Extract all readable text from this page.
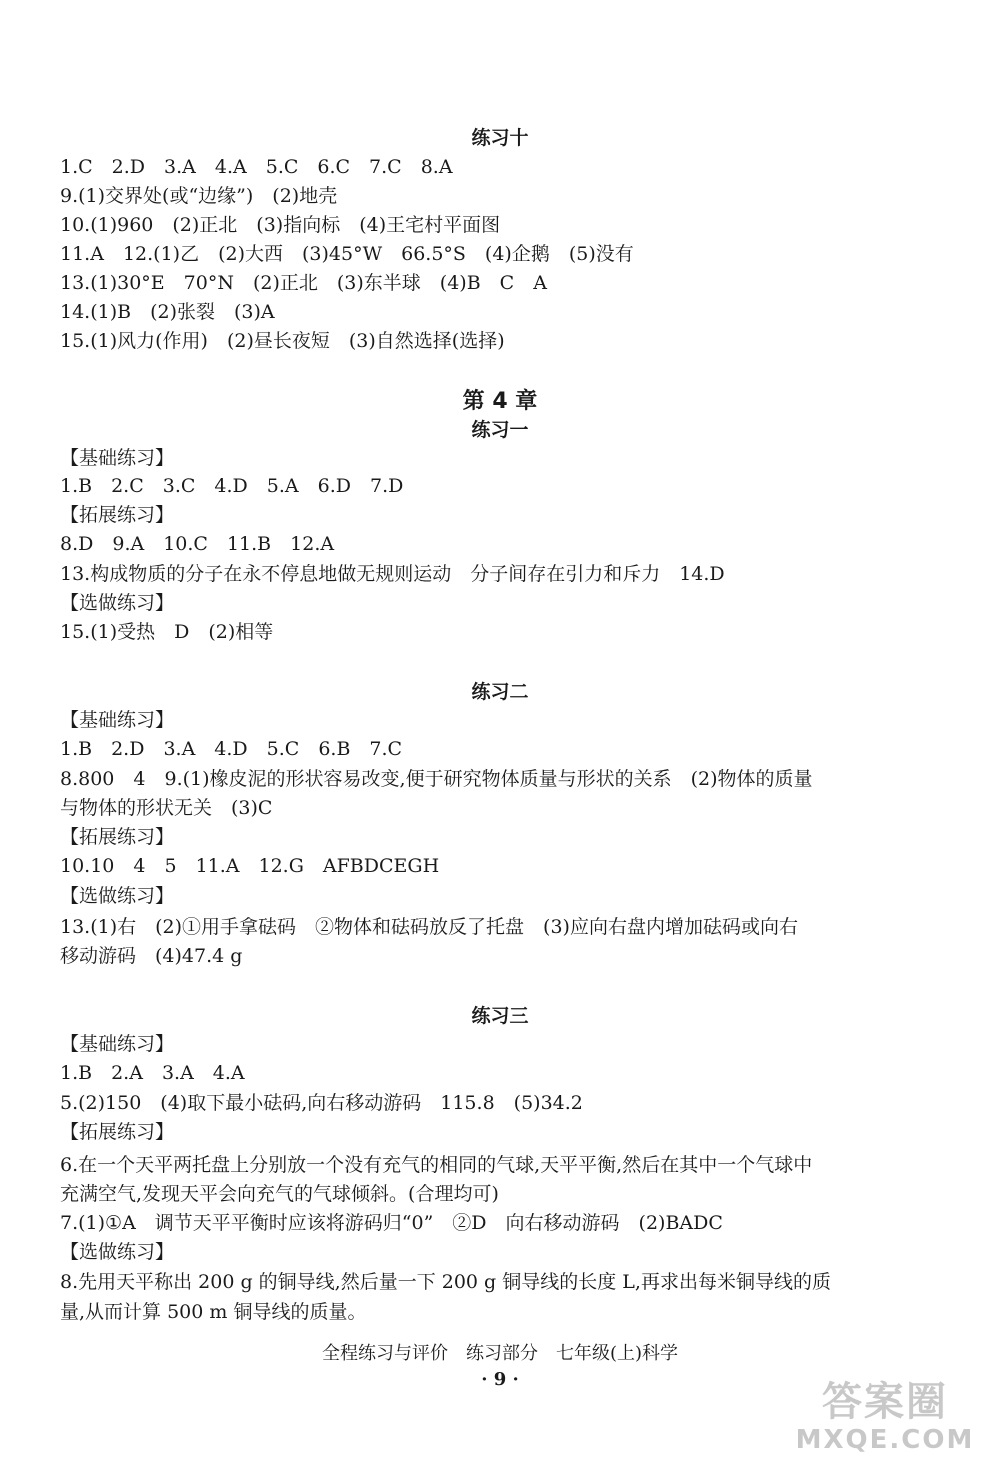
练习十
1.C　2.D　3.A　4.A　5.C　6.C　7.C　8.A
9.(1)交界处(或“边缘”)　(2)地壳
10.(1)960　(2)正北　(3)指向标　(4)王宅村平面图
11.A　12.(1)乙　(2)大西　(3)45°W　66.5°S　(4)企鹅　(5)没有
13.(1)30°E　70°N　(2)正北　(3)东半球　(4)B　C　A
14.(1)B　(2)张裂　(3)A
15.(1)风力(作用)　(2)昼长夜短　(3)自然选择(选择)
第 4 章
练习一
【基础练习】
1.B　2.C　3.C　4.D　5.A　6.D　7.D
【拓展练习】
8.D　9.A　10.C　11.B　12.A
13.构成物质的分子在永不停息地做无规则运动　分子间存在引力和斥力　14.D
【选做练习】
15.(1)受热　D　(2)相等
练习二
【基础练习】
1.B　2.D　3.A　4.D　5.C　6.B　7.C
8.800　4　9.(1)橡皮泥的形状容易改变,便于研究物体质量与形状的关系　(2)物体的质量
与物体的形状无关　(3)C
【拓展练习】
10.10　4　5　11.A　12.G　AFBDCEGH
【选做练习】
13.(1)右　(2)①用手拿砝码　②物体和砝码放反了托盘　(3)应向右盘内增加砝码或向右
移动游码　(4)47.4 g
练习三
【基础练习】
1.B　2.A　3.A　4.A
5.(2)150　(4)取下最小砝码,向右移动游码　115.8　(5)34.2
【拓展练习】
6.在一个天平两托盘上分别放一个没有充气的相同的气球,天平平衡,然后在其中一个气球中
充满空气,发现天平会向充气的气球倾斜。(合理均可)
7.(1)①A　调节天平平衡时应该将游码归“0”　②D　向右移动游码　(2)BADC
【选做练习】
8.先用天平称出 200 g 的铜导线,然后量一下 200 g 铜导线的长度 L,再求出每米铜导线的质
量,从而计算 500 m 铜导线的质量。
全程练习与评价　练习部分　七年级(上)科学
· 9 ·	答案圈
MXQE.COM
